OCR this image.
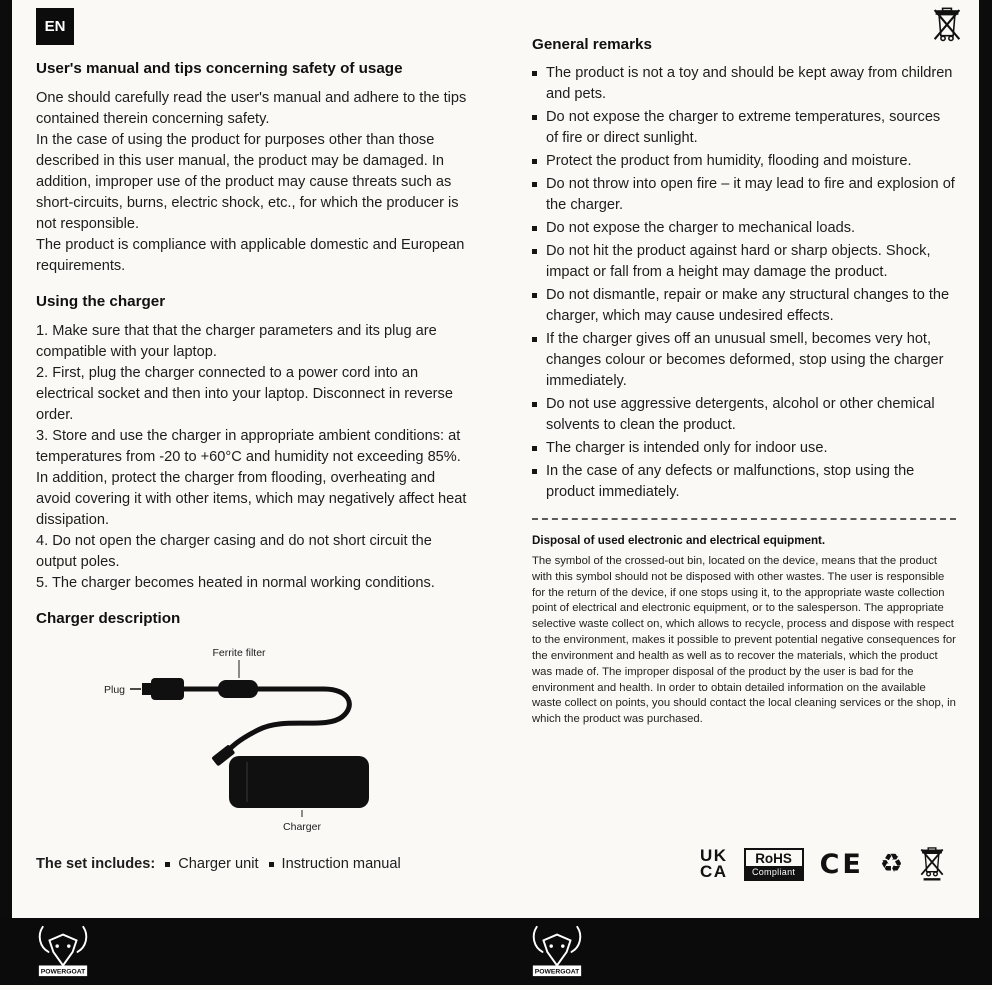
EN
User's manual and tips concerning safety of usage

One should carefully read the user's manual and adhere to the tips contained therein concerning safety.

In the case of using the product for purposes other than those described in this user manual, the product may be damaged. In addition, improper use of the product may cause threats such as short-circuits, burns, electric shock, etc., for which the producer is not responsible.

The product is compliance with applicable domestic and European requirements.

Using the charger

1. Make sure that that the charger parameters and its plug are compatible with your laptop.

2. First, plug the charger connected to a power cord into an electrical socket and then into your laptop. Disconnect in reverse order.

3. Store and use the charger in appropriate ambient conditions: at temperatures from -20 to +60°C and humidity not exceeding 85%. In addition, protect the charger from flooding, overheating and avoid covering it with other items, which may negatively affect heat dissipation.

4. Do not open the charger casing and do not short circuit the output poles.

5. The charger becomes heated in normal working conditions.

Charger description
Ferrite filter
Plug
Charger
The set includes: Charger unit Instruction manual
General remarks
The product is not a toy and should be kept away from children and pets.
Do not expose the charger to extreme temperatures, sources of fire or direct sunlight.
Protect the product from humidity, flooding and moisture.
Do not throw into open fire – it may lead to fire and explosion of the charger.
Do not expose the charger to mechanical loads.
Do not hit the product against hard or sharp objects. Shock, impact or fall from a height may damage the product.
Do not dismantle, repair or make any structural changes to the charger, which may cause undesired effects.
If the charger gives off an unusual smell, becomes very hot, changes colour or becomes deformed, stop using the charger immediately.
Do not use aggressive detergents, alcohol or other chemical solvents to clean the product.
The charger is intended only for indoor use.
In the case of any defects or malfunctions, stop using the product immediately.
Disposal of used electronic and electrical equipment.
The symbol of the crossed-out bin, located on the device, means that the product with this symbol should not be disposed with other wastes. The user is responsible for the return of the device, if one stops using it, to the appropriate waste collection point of electrical and electronic equipment, or to the salesperson. The appropriate selective waste collect on, which allows to recycle, process and dispose with respect to the environment, makes it possible to prevent potential negative consequences for the environment and health as well as to recover the materials, which the product was made of. The improper disposal of the product by the user is bad for the environment and health. In order to obtain detailed information on the available waste collect on points, you should contact the local cleaning services or the shop, in which the product was purchased.
UK
CA
RoHS
Compliant CE ♻
POWERGOAT	POWERGOAT
